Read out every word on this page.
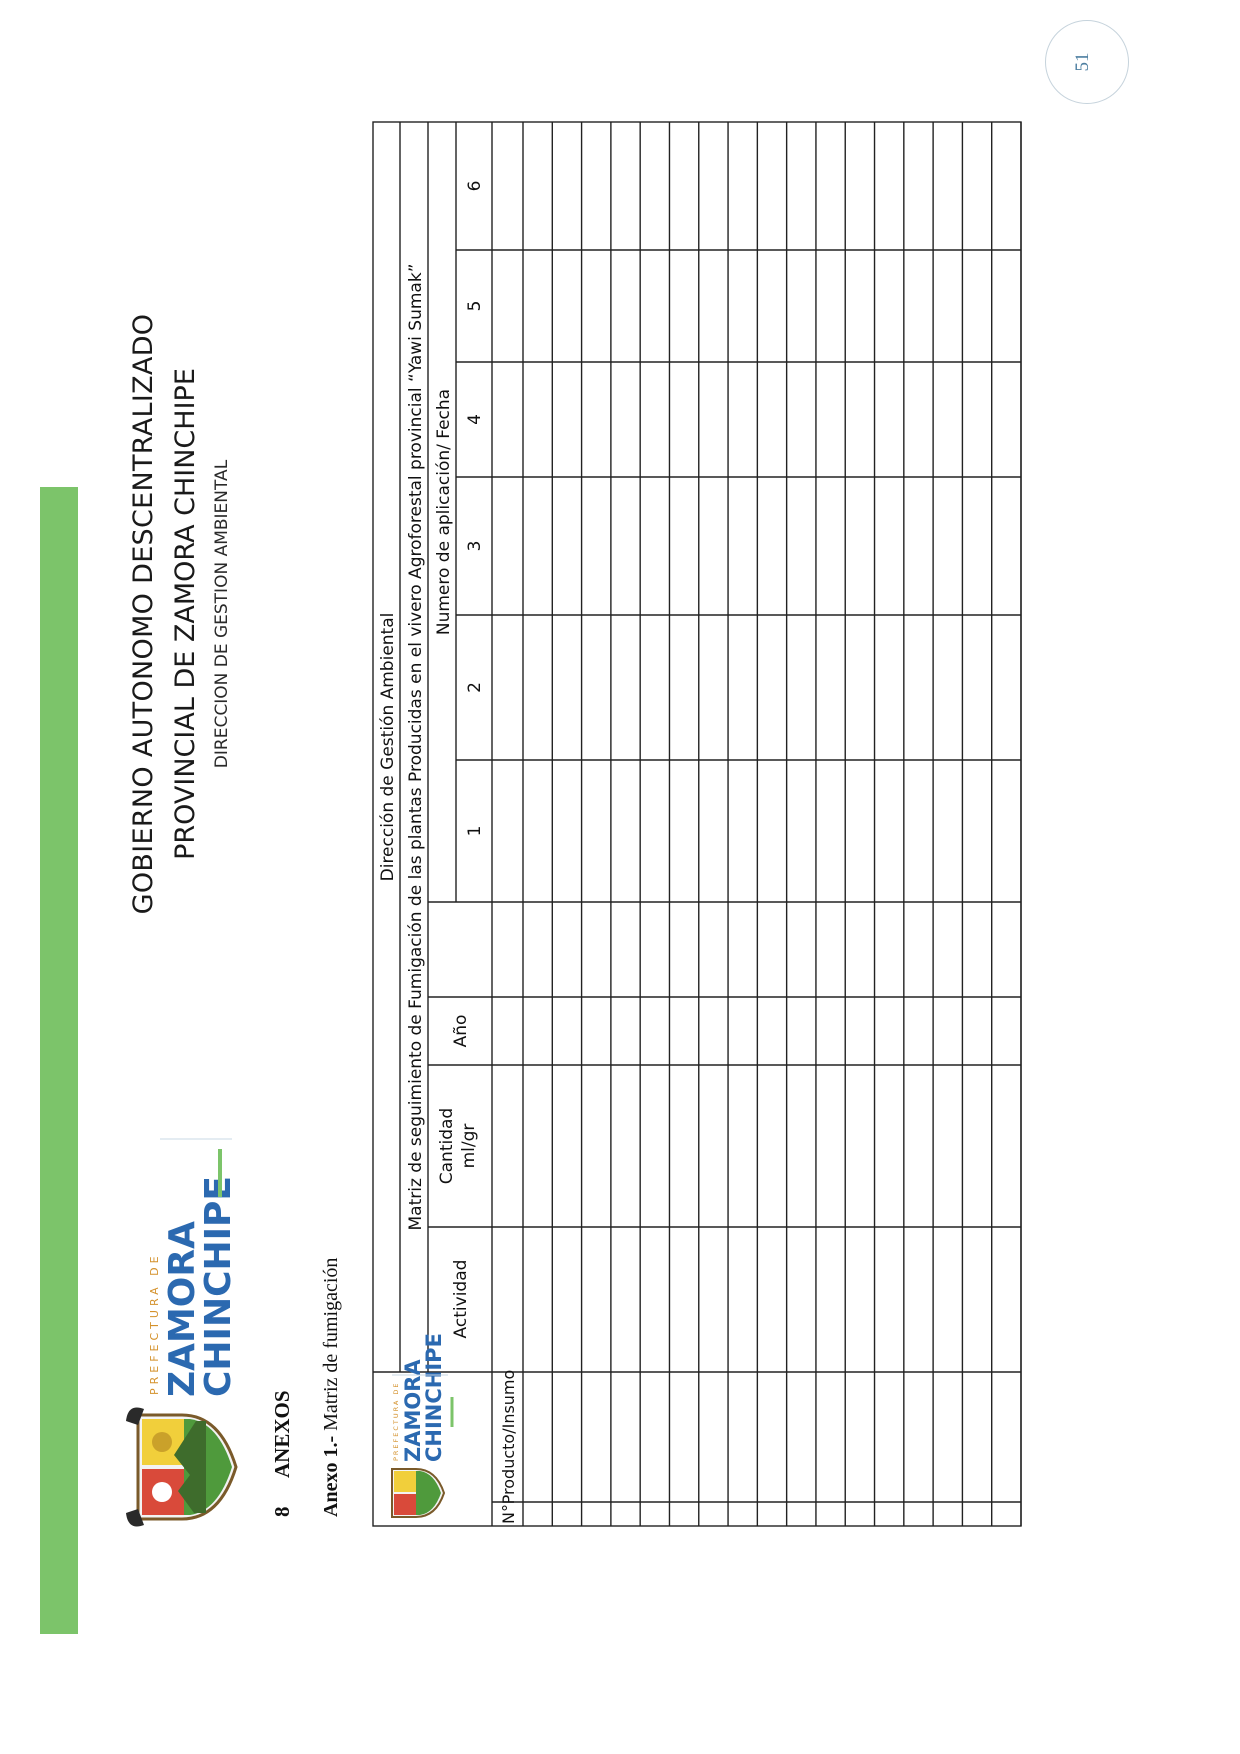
PREFECTURA DE ZAMORA
CHINCHIPE
GOBIERNO AUTONOMO DESCENTRALIZADO PROVINCIAL DE ZAMORA CHINCHIPE DIRECCION DE GESTION AMBIENTAL
8
ANEXOS Anexo 1.- Matriz de fumigación	PREFECTURA DE ZAMORA
CHINCHIPE
Dirección de Gestión Ambiental Matriz de seguimiento de Fumigación de las plantas Producidas en el vivero Agroforestal provincial “Yawi Sumak” Numero de aplicación/ Fecha
Actividad
Cantidad ml/gr
Año
N°
Producto/Insumo
1
2
3
4
5
6
51
